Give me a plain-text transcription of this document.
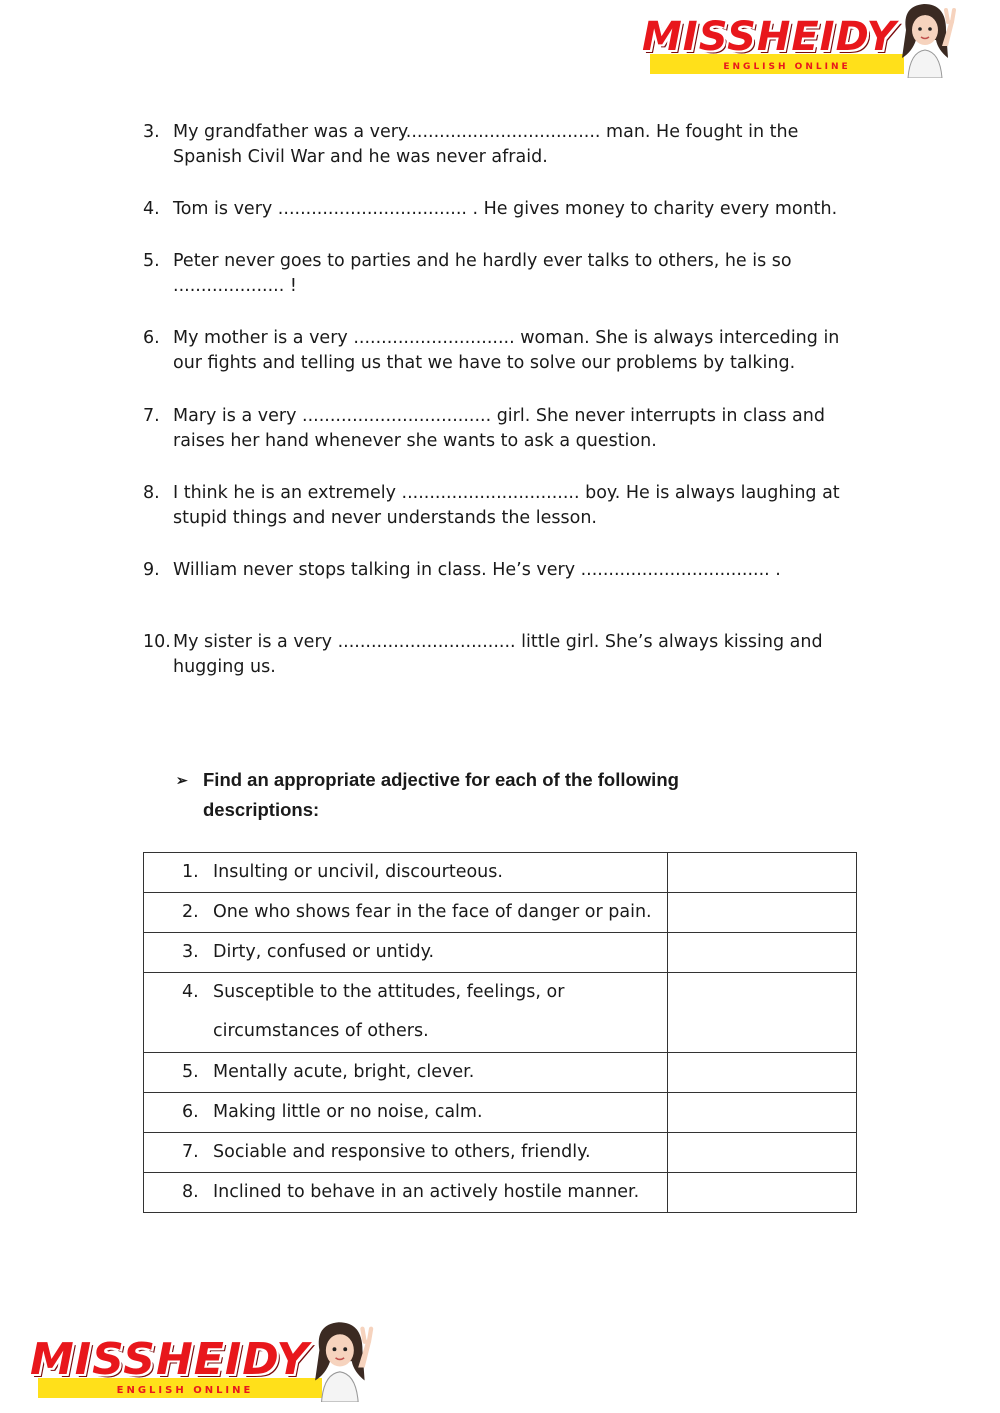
MISSHEIDY
ENGLISH ONLINE
3. My grandfather was a very................................... man. He fought in the Spanish Civil War and he was never afraid.
4. Tom is very .................................. . He gives money to charity every month.
5. Peter never goes to parties and he hardly ever talks to others, he is so .................... !
6. My mother is a very ............................. woman. She is always interceding in our fights and telling us that we have to solve our problems by talking.
7. Mary is a very .................................. girl. She never interrupts in class and raises her hand whenever she wants to ask a question.
8. I think he is an extremely ................................ boy. He is always laughing at stupid things and never understands the lesson.
9. William never stops talking in class. He’s very .................................. .
10. My sister is a very ................................ little girl. She’s always kissing and hugging us.
➢ Find an appropriate adjective for each of the following descriptions:
1. Insulting or uncivil, discourteous.	

2. One who shows fear in the face of danger or pain.	

3. Dirty, confused or untidy.	

4. Susceptible to the attitudes, feelings, or circumstances of others.	

5. Mentally acute, bright, clever.	

6. Making little or no noise, calm.	

7. Sociable and responsive to others, friendly.	

8. Inclined to behave in an actively hostile manner.	

MISSHEIDY
ENGLISH ONLINE
